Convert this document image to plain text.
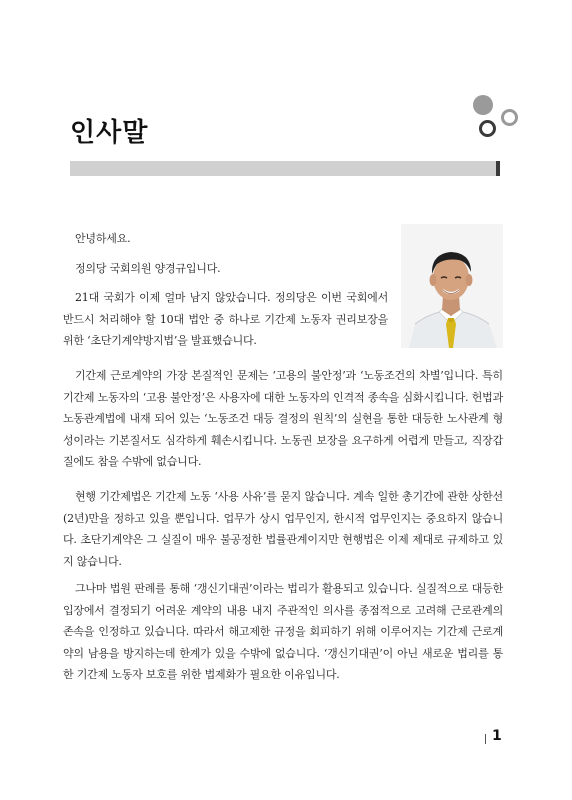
인사말
안녕하세요.
정의당 국회의원 양경규입니다.
21대 국회가 이제 얼마 남지 않았습니다. 정의당은 이번 국회에서 반드시 처리해야 할 10대 법안 중 하나로 기간제 노동자 권리보장을 위한 ‘초단기계약방지법’을 발표했습니다.
기간제 근로계약의 가장 본질적인 문제는 ‘고용의 불안정’과 ‘노동조건의 차별’입니다. 특히 기간제 노동자의 ‘고용 불안정’은 사용자에 대한 노동자의 인격적 종속을 심화시킵니다. 헌법과 노동관계법에 내재 되어 있는 ‘노동조건 대등 결정의 원칙’의 실현을 통한 대등한 노사관계 형성이라는 기본질서도 심각하게 훼손시킵니다. 노동권 보장을 요구하게 어렵게 만들고, 직장갑질에도 참을 수밖에 없습니다.
현행 기간제법은 기간제 노동 ‘사용 사유’를 묻지 않습니다. 계속 일한 총기간에 관한 상한선 (2년)만을 정하고 있을 뿐입니다. 업무가 상시 업무인지, 한시적 업무인지는 중요하지 않습니다. 초단기계약은 그 실질이 매우 불공정한 법률관계이지만 현행법은 이제 제대로 규제하고 있지 않습니다.
그나마 법원 판례를 통해 ‘갱신기대권’이라는 법리가 활용되고 있습니다. 실질적으로 대등한 입장에서 결정되기 어려운 계약의 내용 내지 주관적인 의사를 종점적으로 고려해 근로관계의 존속을 인정하고 있습니다. 따라서 해고제한 규정을 회피하기 위해 이루어지는 기간제 근로계약의 남용을 방지하는데 한계가 있을 수밖에 없습니다. ‘갱신기대권’이 아닌 새로운 법리를 통한 기간제 노동자 보호를 위한 법제화가 필요한 이유입니다.
1
